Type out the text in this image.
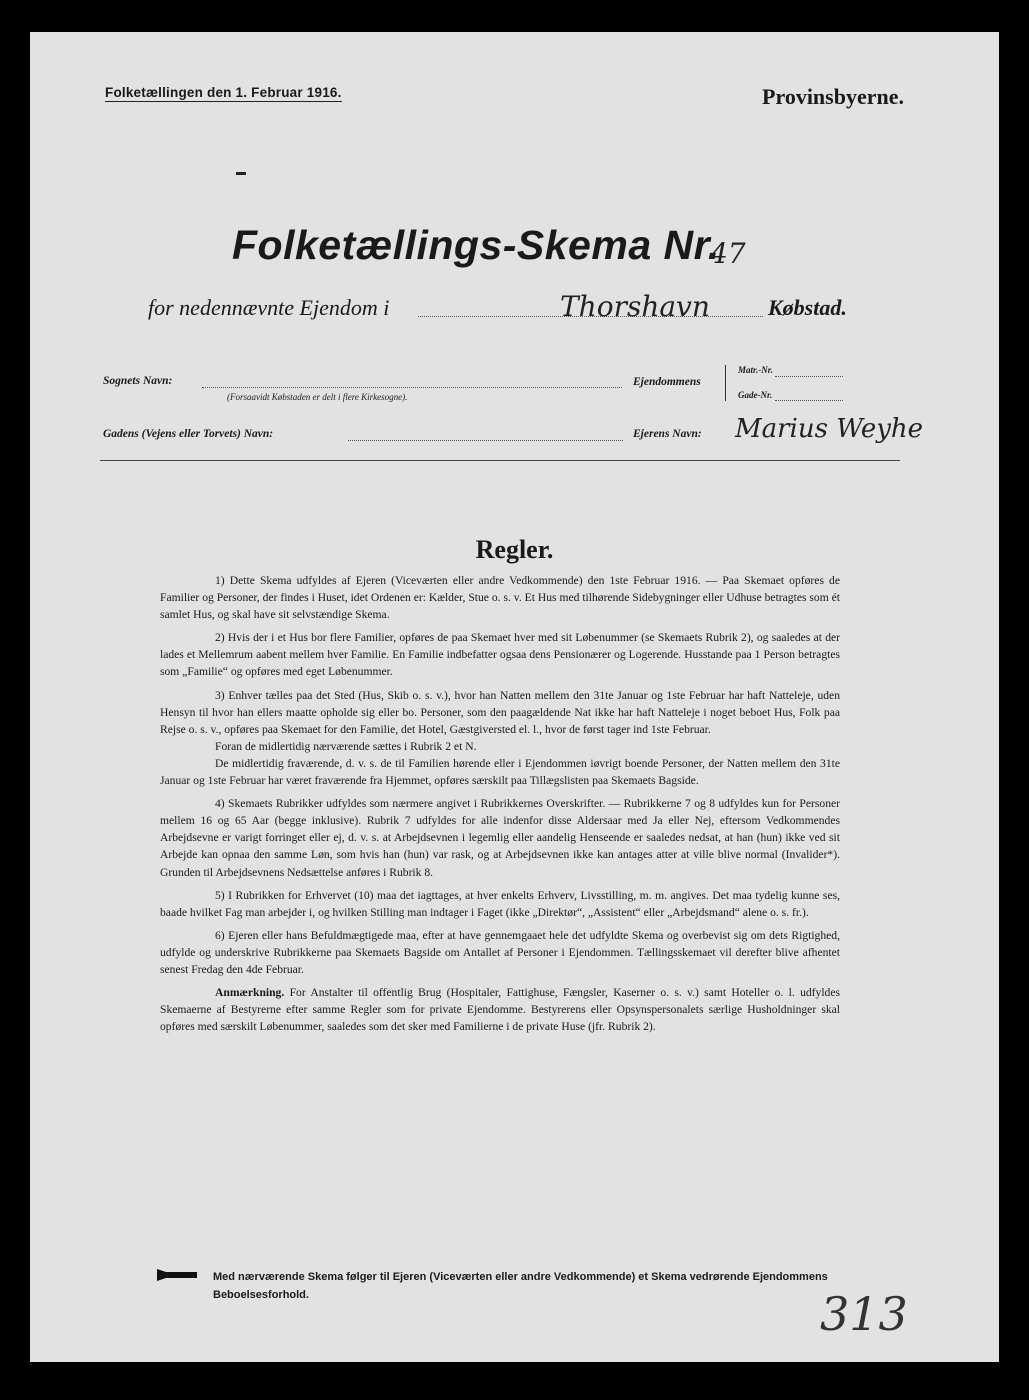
Folketællingen den 1. Februar 1916.	Provinsbyerne.
Folketællings-Skema Nr.
47
for nedennævnte Ejendom i	Thorshavn	Købstad.
Sognets Navn:
(Forsaavidt Købstaden er delt i flere Kirkesogne).
Ejendommens
Matr.-Nr.
Gade-Nr.
Gadens (Vejens eller Torvets) Navn:	Ejerens Navn: Marius Weyhe
Regler.

1) Dette Skema udfyldes af Ejeren (Viceværten eller andre Vedkommende) den 1ste Februar 1916. — Paa Skemaet opføres de Familier og Personer, der findes i Huset, idet Ordenen er: Kælder, Stue o. s. v. Et Hus med tilhørende Sidebygninger eller Udhuse betragtes som ét samlet Hus, og skal have sit selvstændige Skema.

2) Hvis der i et Hus bor flere Familier, opføres de paa Skemaet hver med sit Løbenummer (se Skemaets Rubrik 2), og saaledes at der lades et Mellemrum aabent mellem hver Familie. En Familie indbefatter ogsaa dens Pensionærer og Logerende. Husstande paa 1 Person betragtes som „Familie“ og opføres med eget Løbenummer.

3) Enhver tælles paa det Sted (Hus, Skib o. s. v.), hvor han Natten mellem den 31te Januar og 1ste Februar har haft Natteleje, uden Hensyn til hvor han ellers maatte opholde sig eller bo. Personer, som den paagældende Nat ikke har haft Natteleje i noget beboet Hus, Folk paa Rejse o. s. v., opføres paa Skemaet for den Familie, det Hotel, Gæstgiversted el. l., hvor de først tager ind 1ste Februar.

Foran de midlertidig nærværende sættes i Rubrik 2 et N.

De midlertidig fraværende, d. v. s. de til Familien hørende eller i Ejendommen iøvrigt boende Personer, der Natten mellem den 31te Januar og 1ste Februar har været fraværende fra Hjemmet, opføres særskilt paa Tillægslisten paa Skemaets Bagside.

4) Skemaets Rubrikker udfyldes som nærmere angivet i Rubrikkernes Overskrifter. — Rubrikkerne 7 og 8 udfyldes kun for Personer mellem 16 og 65 Aar (begge inklusive). Rubrik 7 udfyldes for alle indenfor disse Aldersaar med Ja eller Nej, eftersom Vedkommendes Arbejdsevne er varigt forringet eller ej, d. v. s. at Arbejdsevnen i legemlig eller aandelig Henseende er saaledes nedsat, at han (hun) ikke ved sit Arbejde kan opnaa den samme Løn, som hvis han (hun) var rask, og at Arbejdsevnen ikke kan antages atter at ville blive normal (Invalider*). Grunden til Arbejdsevnens Nedsættelse anføres i Rubrik 8.

5) I Rubrikken for Erhvervet (10) maa det iagttages, at hver enkelts Erhverv, Livsstilling, m. m. angives. Det maa tydelig kunne ses, baade hvilket Fag man arbejder i, og hvilken Stilling man indtager i Faget (ikke „Direktør“, „Assistent“ eller „Arbejdsmand“ alene o. s. fr.).

6) Ejeren eller hans Befuldmægtigede maa, efter at have gennemgaaet hele det udfyldte Skema og overbevist sig om dets Rigtighed, udfylde og underskrive Rubrikkerne paa Skemaets Bagside om Antallet af Personer i Ejendommen. Tællingsskemaet vil derefter blive afhentet senest Fredag den 4de Februar.

Anmærkning. For Anstalter til offentlig Brug (Hospitaler, Fattighuse, Fængsler, Kaserner o. s. v.) samt Hoteller o. l. udfyldes Skemaerne af Bestyrerne efter samme Regler som for private Ejendomme. Bestyrerens eller Opsynspersonalets særlige Husholdninger skal opføres med særskilt Løbenummer, saaledes som det sker med Familierne i de private Huse (jfr. Rubrik 2).

Med nærværende Skema følger til Ejeren (Viceværten eller andre Vedkommende) et Skema vedrørende Ejendommens Beboelsesforhold.	313
